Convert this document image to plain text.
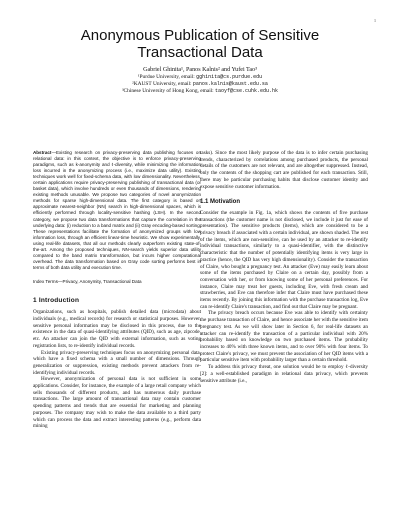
1
Anonymous Publication of Sensitive Transactional Data
Gabriel Ghinita¹, Panos Kalnis² and Yufei Tao³
¹Purdue University, email: gghinita@cs.purdue.edu
²KAUST University, email: panos.kalnis@kaust.edu.sa
³Chinese University of Hong Kong, email: taoyf@cse.cuhk.edu.hk
Abstract—Existing research on privacy-preserving data publishing focuses on relational data: in this context, the objective is to enforce privacy-preserving paradigms, such as k-anonymity and ℓ-diversity, while minimizing the information loss incurred in the anonymizing process (i.e., maximize data utility). Existing techniques work well for fixed-schema data, with low dimensionality. Nevertheless, certain applications require privacy-preserving publishing of transactional data (or basket data), which involve hundreds or even thousands of dimensions, rendering existing methods unusable. We propose two categories of novel anonymization methods for sparse high-dimensional data. The first category is based on approximate nearest-neighbor (NN) search in high-dimensional spaces, which is efficiently performed through locality-sensitive hashing (LSH). In the second category, we propose two data transformations that capture the correlation in the underlying data: (i) reduction to a band matrix and (ii) Gray encoding-based sorting. These representations facilitate the formation of anonymized groups with low information loss, through an efficient linear-time heuristic. We show experimentally, using real-life datasets, that all our methods clearly outperform existing state-of-the-art. Among the proposed techniques, NN-search yields superior data utility compared to the band matrix transformation, but incurs higher computational overhead. The data transformation based on Gray code sorting performs best in terms of both data utility and execution time.
Index Terms—Privacy, Anonymity, Transactional Data
1 Introduction

Organizations, such as hospitals, publish detailed data (microdata) about individuals (e.g., medical records) for research or statistical purposes. However, sensitive personal information may be disclosed in this process, due to the existence in the data of quasi-identifying attributes (QID), such as age, zipcode, etc. An attacker can join the QID with external information, such as voting registration lists, to re-identify individual records.

Existing privacy-preserving techniques focus on anonymizing personal data, which have a fixed schema with a small number of dimensions. Through generalization or suppression, existing methods prevent attackers from re-identifying individual records.

However, anonymization of personal data is not sufficient in some applications. Consider, for instance, the example of a large retail company which sells thousands of different products, and has numerous daily purchase transactions. The large amount of transactional data may contain customer spending patterns and trends that are essential for marketing and planning purposes. The company may wish to make the data available to a third party which can process the data and extract interesting patterns (e.g., perform data mining

tasks). Since the most likely purpose of the data is to infer certain purchasing trends, characterized by correlations among purchased products, the personal details of the customers are not relevant, and are altogether suppressed. Instead, only the contents of the shopping cart are published for each transaction. Still, there may be particular purchasing habits that disclose customer identity and expose sensitive customer information.

1.1 Motivation

Consider the example in Fig. 1a, which shows the contents of five purchase transactions (the customer name is not disclosed, we include it just for ease of presentation). The sensitive products (items), which are considered to be a privacy breach if associated with a certain individual, are shown shaded. The rest of the items, which are non-sensitive, can be used by an attacker to re-identify individual transactions, similarly to a quasi-identifier, with the distinctive characteristic that the number of potentially identifying items is very large in practice (hence, the QID has very high dimensionality). Consider the transaction of Claire, who bought a pregnancy test. An attacker (Eve) may easily learn about some of the items purchased by Claire on a certain day, possibly from a conversation with her, or from knowing some of her personal preferences. For instance, Claire may treat her guests, including Eve, with fresh cream and strawberries, and Eve can therefore infer that Claire must have purchased these items recently. By joining this information with the purchase transaction log, Eve can re-identify Claire's transaction, and find out that Claire may be pregnant.

The privacy breach occurs because Eve was able to identify with certainty the purchase transaction of Claire, and hence associate her with the sensitive item pregnancy test. As we will show later in Section 6, for real-life datasets an attacker can re-identify the transaction of a particular individual with 20% probability based on knowledge on two purchased items. The probability increases to 40% with three known items, and to over 90% with four items. To protect Claire's privacy, we must prevent the association of her QID items with a particular sensitive item with probability larger than a certain threshold.

To address this privacy threat, one solution would be to employ ℓ-diversity [2]: a well-established paradigm in relational data privacy, which prevents sensitive attribute (i.e.,
